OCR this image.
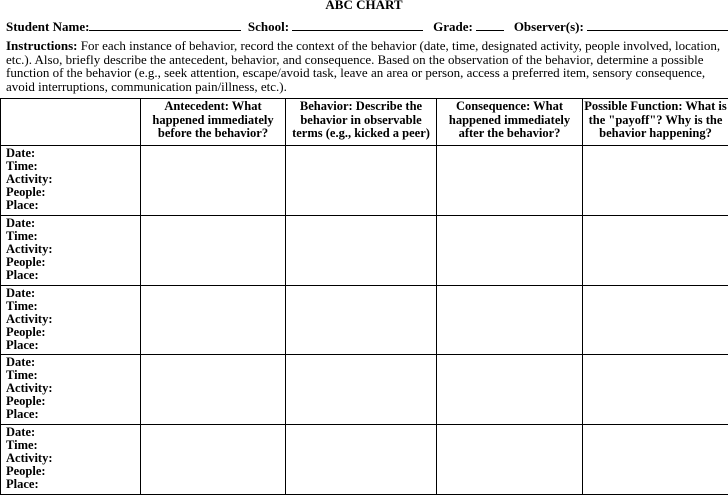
ABC CHART
Student Name:	School:	Grade:	Observer(s):
Instructions: For each instance of behavior, record the context of the behavior (date, time, designated activity, people involved, location, etc.). Also, briefly describe the antecedent, behavior, and consequence. Based on the observation of the behavior, determine a possible function of the behavior (e.g., seek attention, escape/avoid task, leave an area or person, access a preferred item, sensory consequence, avoid interruptions, communication pain/illness, etc.).
	Antecedent: What happened immediately before the behavior?	Behavior: Describe the behavior in observable terms (e.g., kicked a peer)	Consequence: What happened immediately after the behavior?	Possible Function: What is the "payoff"? Why is the behavior happening?

Date:
Time:
Activity:
People:
Place:				

Date:
Time:
Activity:
People:
Place:				

Date:
Time:
Activity:
People:
Place:				

Date:
Time:
Activity:
People:
Place:				

Date:
Time:
Activity:
People:
Place:				
